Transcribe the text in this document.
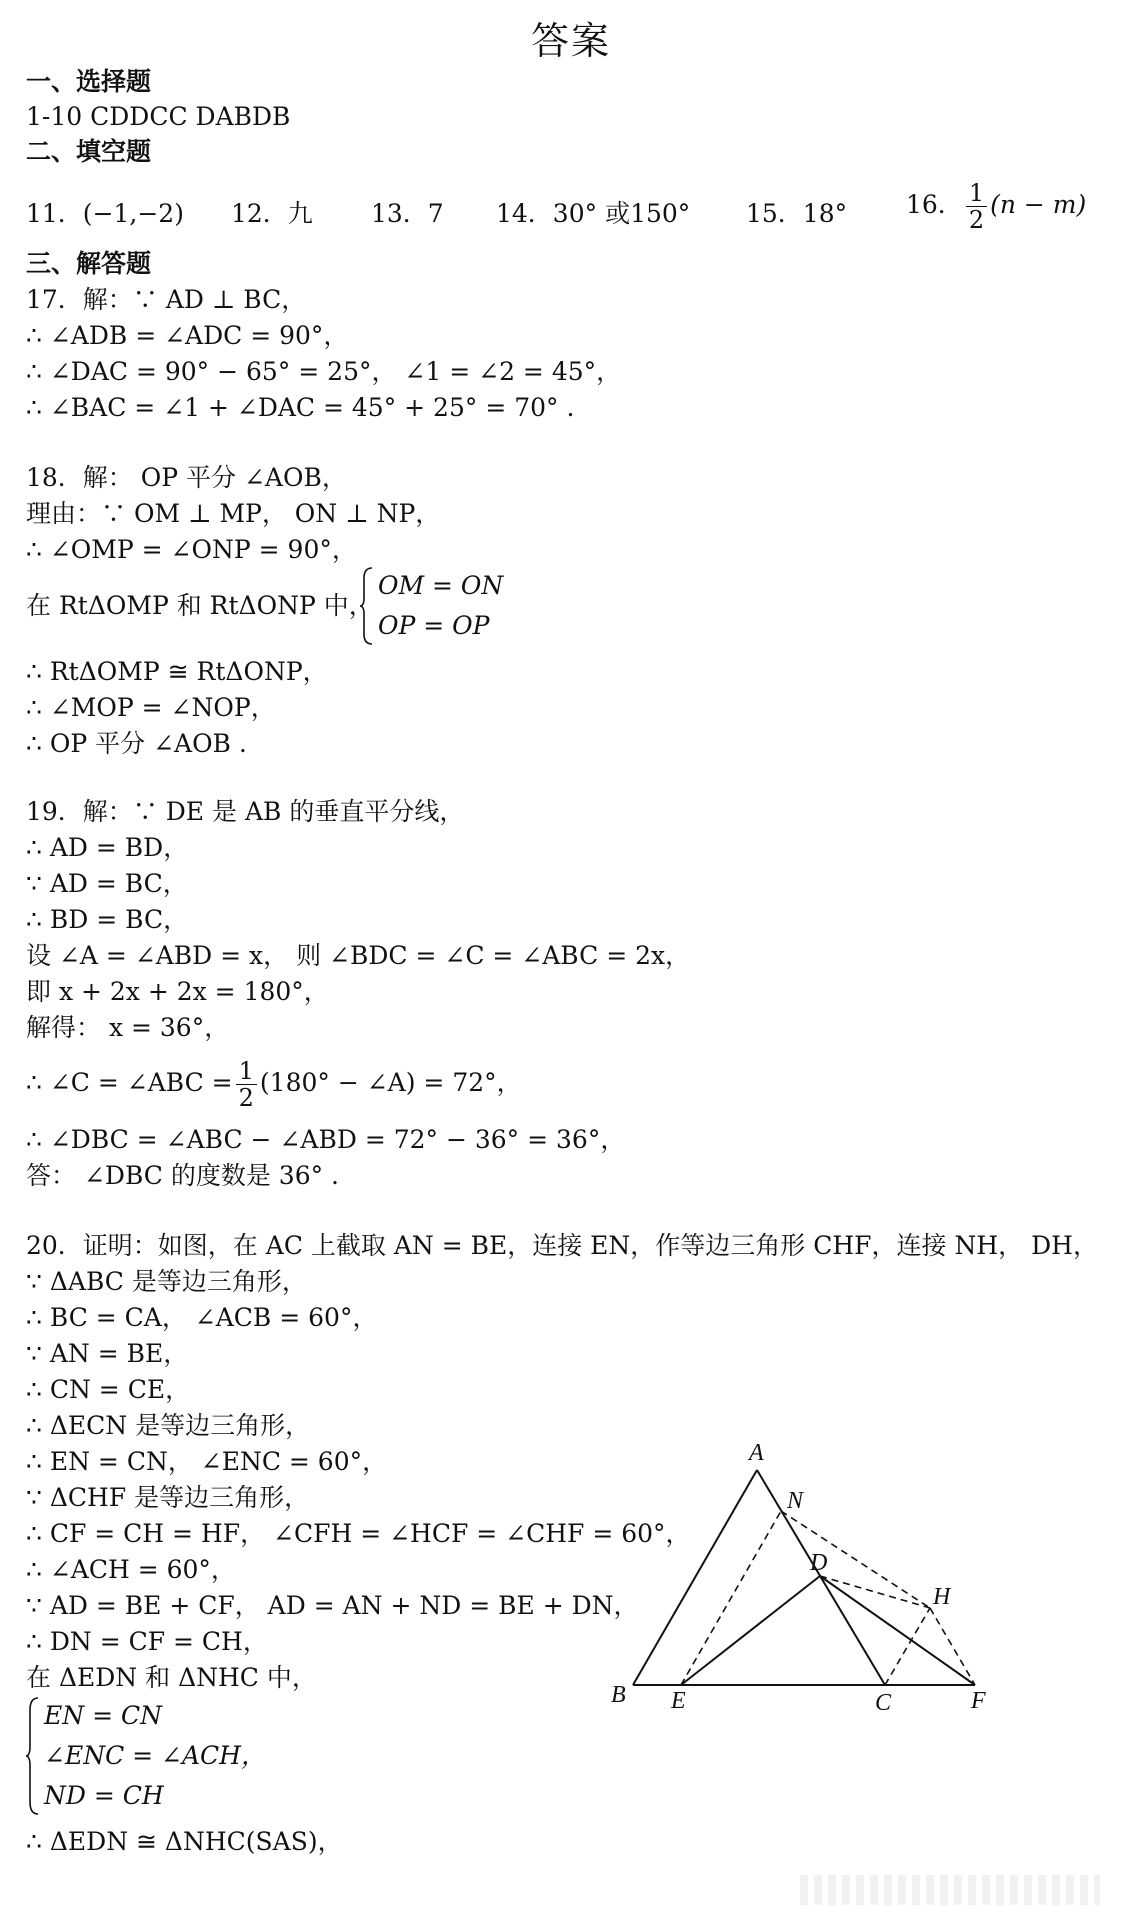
答案
一、选择题
1-10 CDDCC DABDB
二、填空题
11．(−1,−2) 12．九 13．7 14．30° 或150° 15．18° 16． $\frac{1}{2} (n - m)$
三、解答题
17．解：∵ AD ⊥ BC，
∴ ∠ADB = ∠ADC = 90°，
∴ ∠DAC = 90° − 65° = 25°， ∠1 = ∠2 = 45°，
∴ ∠BAC = ∠1 + ∠DAC = 45° + 25° = 70° .
18．解： OP 平分 ∠AOB，
理由：∵ OM ⊥ MP， ON ⊥ NP，
∴ ∠OMP = ∠ONP = 90°，
在 RtΔOMP 和 RtΔONP 中，
OM = ON
OP = OP
∴ RtΔOMP ≅ RtΔONP，
∴ ∠MOP = ∠NOP，
∴ OP 平分 ∠AOB .
19．解：∵ DE 是 AB 的垂直平分线，
∴ AD = BD，
∵ AD = BC，
∴ BD = BC，
设 ∠A = ∠ABD = x， 则 ∠BDC = ∠C = ∠ABC = 2x，
即 x + 2x + 2x = 180°，
解得： x = 36°，
∴ ∠C = ∠ABC = $\frac{1}{2} (180^\circ$ − ∠A) = 72°，
∴ ∠DBC = ∠ABC − ∠ABD = 72° − 36° = 36°，
答： ∠DBC 的度数是 36° .
20．证明：如图，在 AC 上截取 AN = BE，连接 EN，作等边三角形 CHF，连接 NH， DH，
∵ ΔABC 是等边三角形，
∴ BC = CA， ∠ACB = 60°，
∵ AN = BE，
∴ CN = CE，
∴ ΔECN 是等边三角形，
∴ EN = CN， ∠ENC = 60°，
∵ ΔCHF 是等边三角形，
∴ CF = CH = HF， ∠CFH = ∠HCF = ∠CHF = 60°，
∴ ∠ACH = 60°，
∵ AD = BE + CF， AD = AN + ND = BE + DN，
∴ DN = CF = CH，
在 ΔEDN 和 ΔNHC 中，
EN = CN
∠ENC = ∠ACH，
ND = CH
∴ ΔEDN ≅ ΔNHC(SAS)，
A
N
D
H
B E	C	F
